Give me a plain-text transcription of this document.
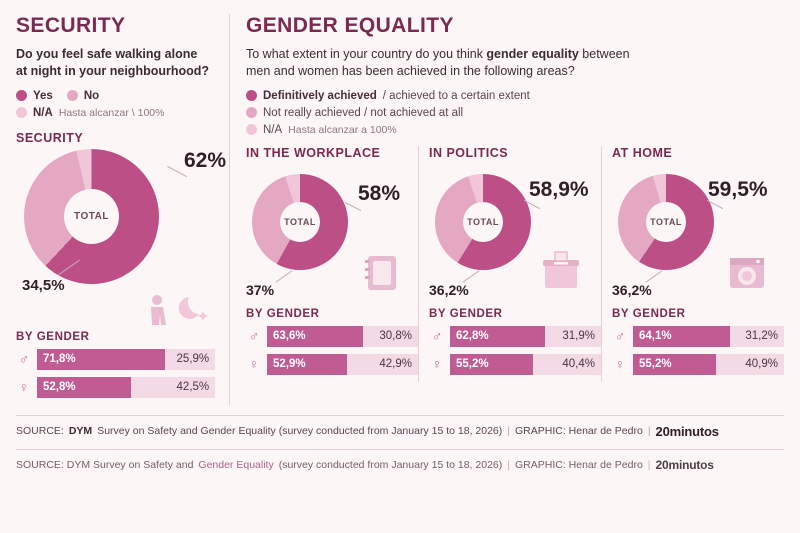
SECURITY
Do you feel safe walking alone
at night in your neighbourhood?
Yes	No
N/A Hasta alcanzar \ 100%
SECURITY
TOTAL
62%
34,5%
BY GENDER
♂	71,8%	25,9%
♀	52,8%	42,5%
GENDER EQUALITY
To what extent in your country do you think gender equality between
men and women has been achieved in the following areas?
Definitively achieved / achieved to a certain extent
Not really achieved / not achieved at all
N/A Hasta alcanzar a 100%
IN THE WORKPLACE
TOTAL
58%
37%
BY GENDER
♂	63,6%	30,8%
♀	52,9%	42,9%
IN POLITICS
TOTAL
58,9%
36,2%
BY GENDER
♂	62,8%	31,9%
♀	55,2%	40,4%
AT HOME
TOTAL
59,5%
36,2%
BY GENDER
♂	64,1%	31,2%
♀	55,2%	40,9%
SOURCE: DYM Survey on Safety and Gender Equality (survey conducted from January 15 to 18, 2026) | GRAPHIC: Henar de Pedro | 20minutos
SOURCE: DYM Survey on Safety and Gender Equality (survey conducted from January 15 to 18, 2026) | GRAPHIC: Henar de Pedro | 20minutos
